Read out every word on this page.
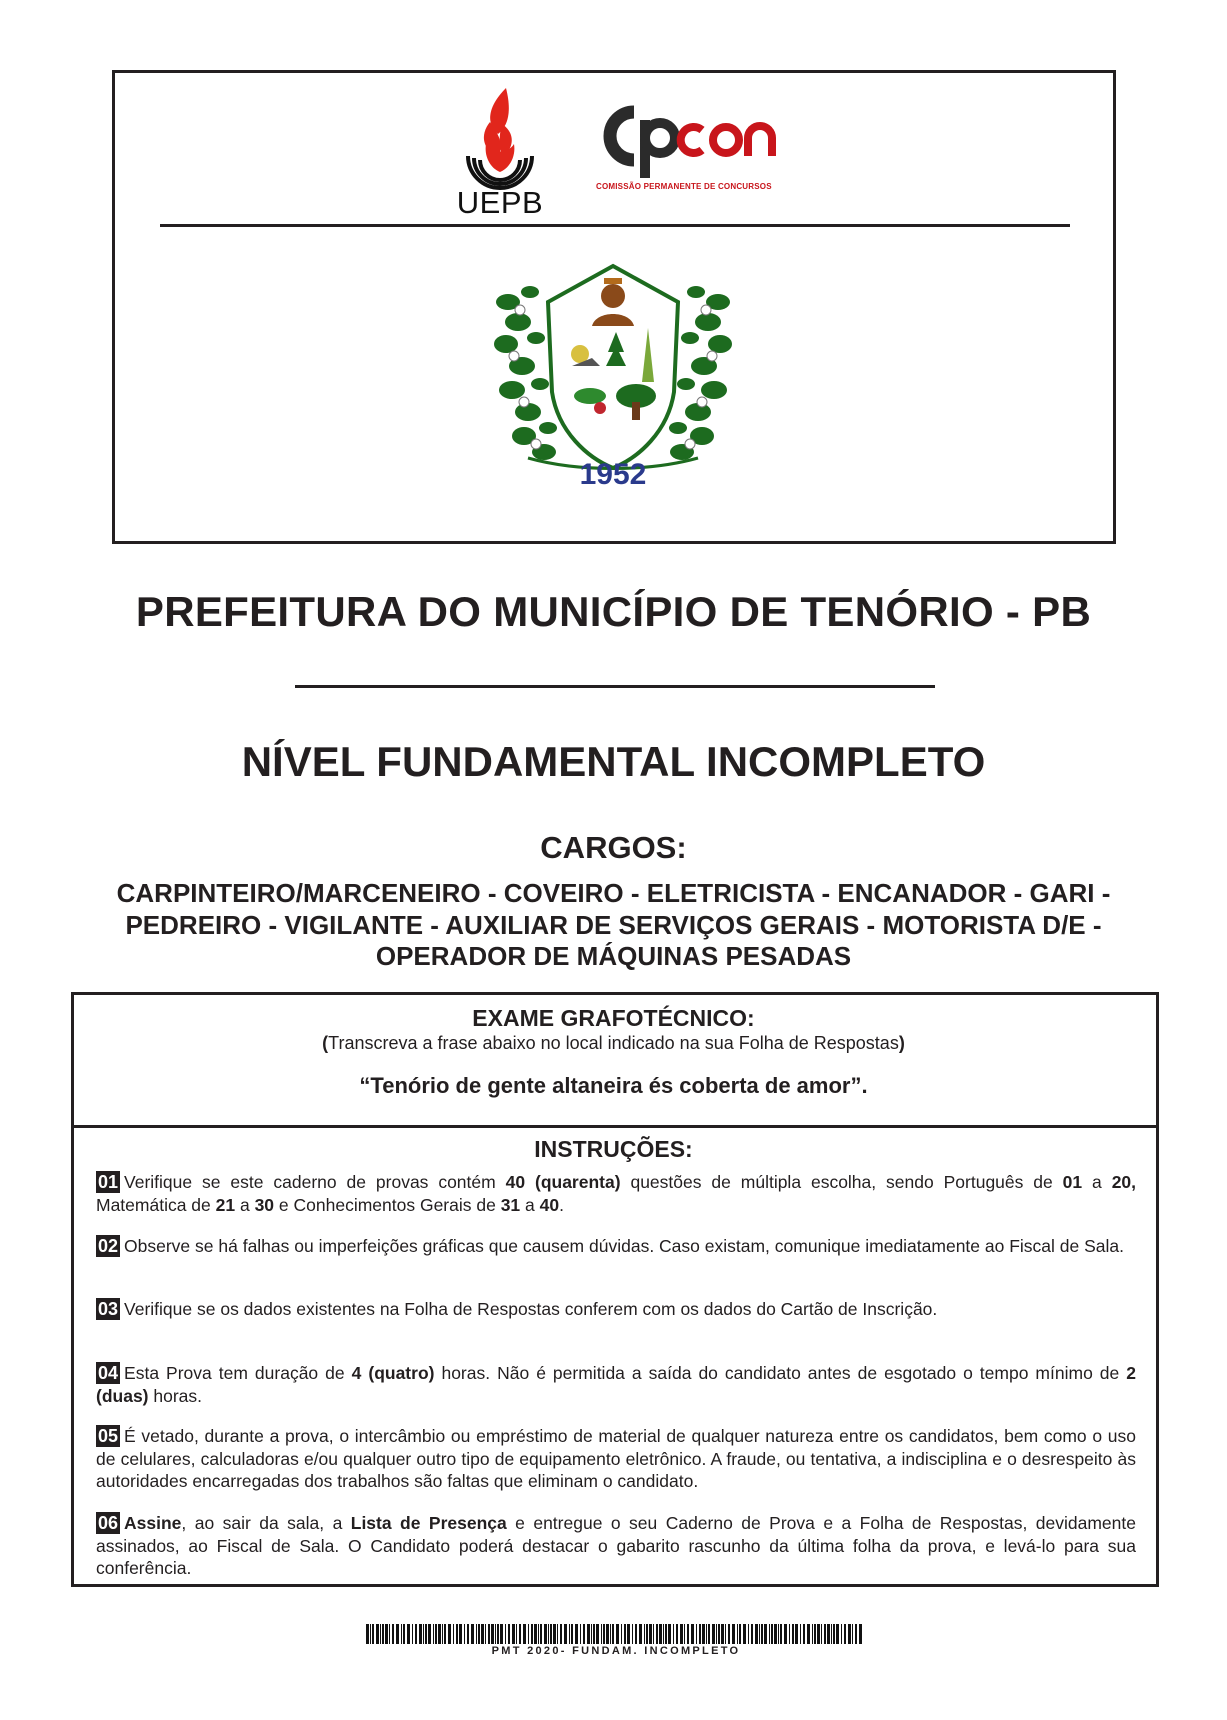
UEPB	COMISSÃO PERMANENTE DE CONCURSOS
1952
PREFEITURA DO MUNICÍPIO DE TENÓRIO - PB
NÍVEL FUNDAMENTAL INCOMPLETO
CARGOS:
CARPINTEIRO/MARCENEIRO - COVEIRO - ELETRICISTA - ENCANADOR - GARI -
PEDREIRO - VIGILANTE - AUXILIAR DE SERVIÇOS GERAIS - MOTORISTA D/E -
OPERADOR DE MÁQUINAS PESADAS
EXAME GRAFOTÉCNICO:
(Transcreva a frase abaixo no local indicado na sua Folha de Respostas)
“Tenório de gente altaneira és coberta de amor”.
INSTRUÇÕES:
01 Verifique se este caderno de provas contém 40 (quarenta) questões de múltipla escolha, sendo Português de 01 a 20, Matemática de 21 a 30 e Conhecimentos Gerais de 31 a 40.
02 Observe se há falhas ou imperfeições gráficas que causem dúvidas. Caso existam, comunique imediatamente ao Fiscal de Sala.
03 Verifique se os dados existentes na Folha de Respostas conferem com os dados do Cartão de Inscrição.
04 Esta Prova tem duração de 4 (quatro) horas. Não é permitida a saída do candidato antes de esgotado o tempo mínimo de 2 (duas) horas.
05 É vetado, durante a prova, o intercâmbio ou empréstimo de material de qualquer natureza entre os candidatos, bem como o uso de celulares, calculadoras e/ou qualquer outro tipo de equipamento eletrônico. A fraude, ou tentativa, a indisciplina e o desrespeito às autoridades encarregadas dos trabalhos são faltas que eliminam o candidato.
06 Assine, ao sair da sala, a Lista de Presença e entregue o seu Caderno de Prova e a Folha de Respostas, devidamente assinados, ao Fiscal de Sala. O Candidato poderá destacar o gabarito rascunho da última folha da prova, e levá-lo para sua conferência.
PMT 2020- FUNDAM. INCOMPLETO
